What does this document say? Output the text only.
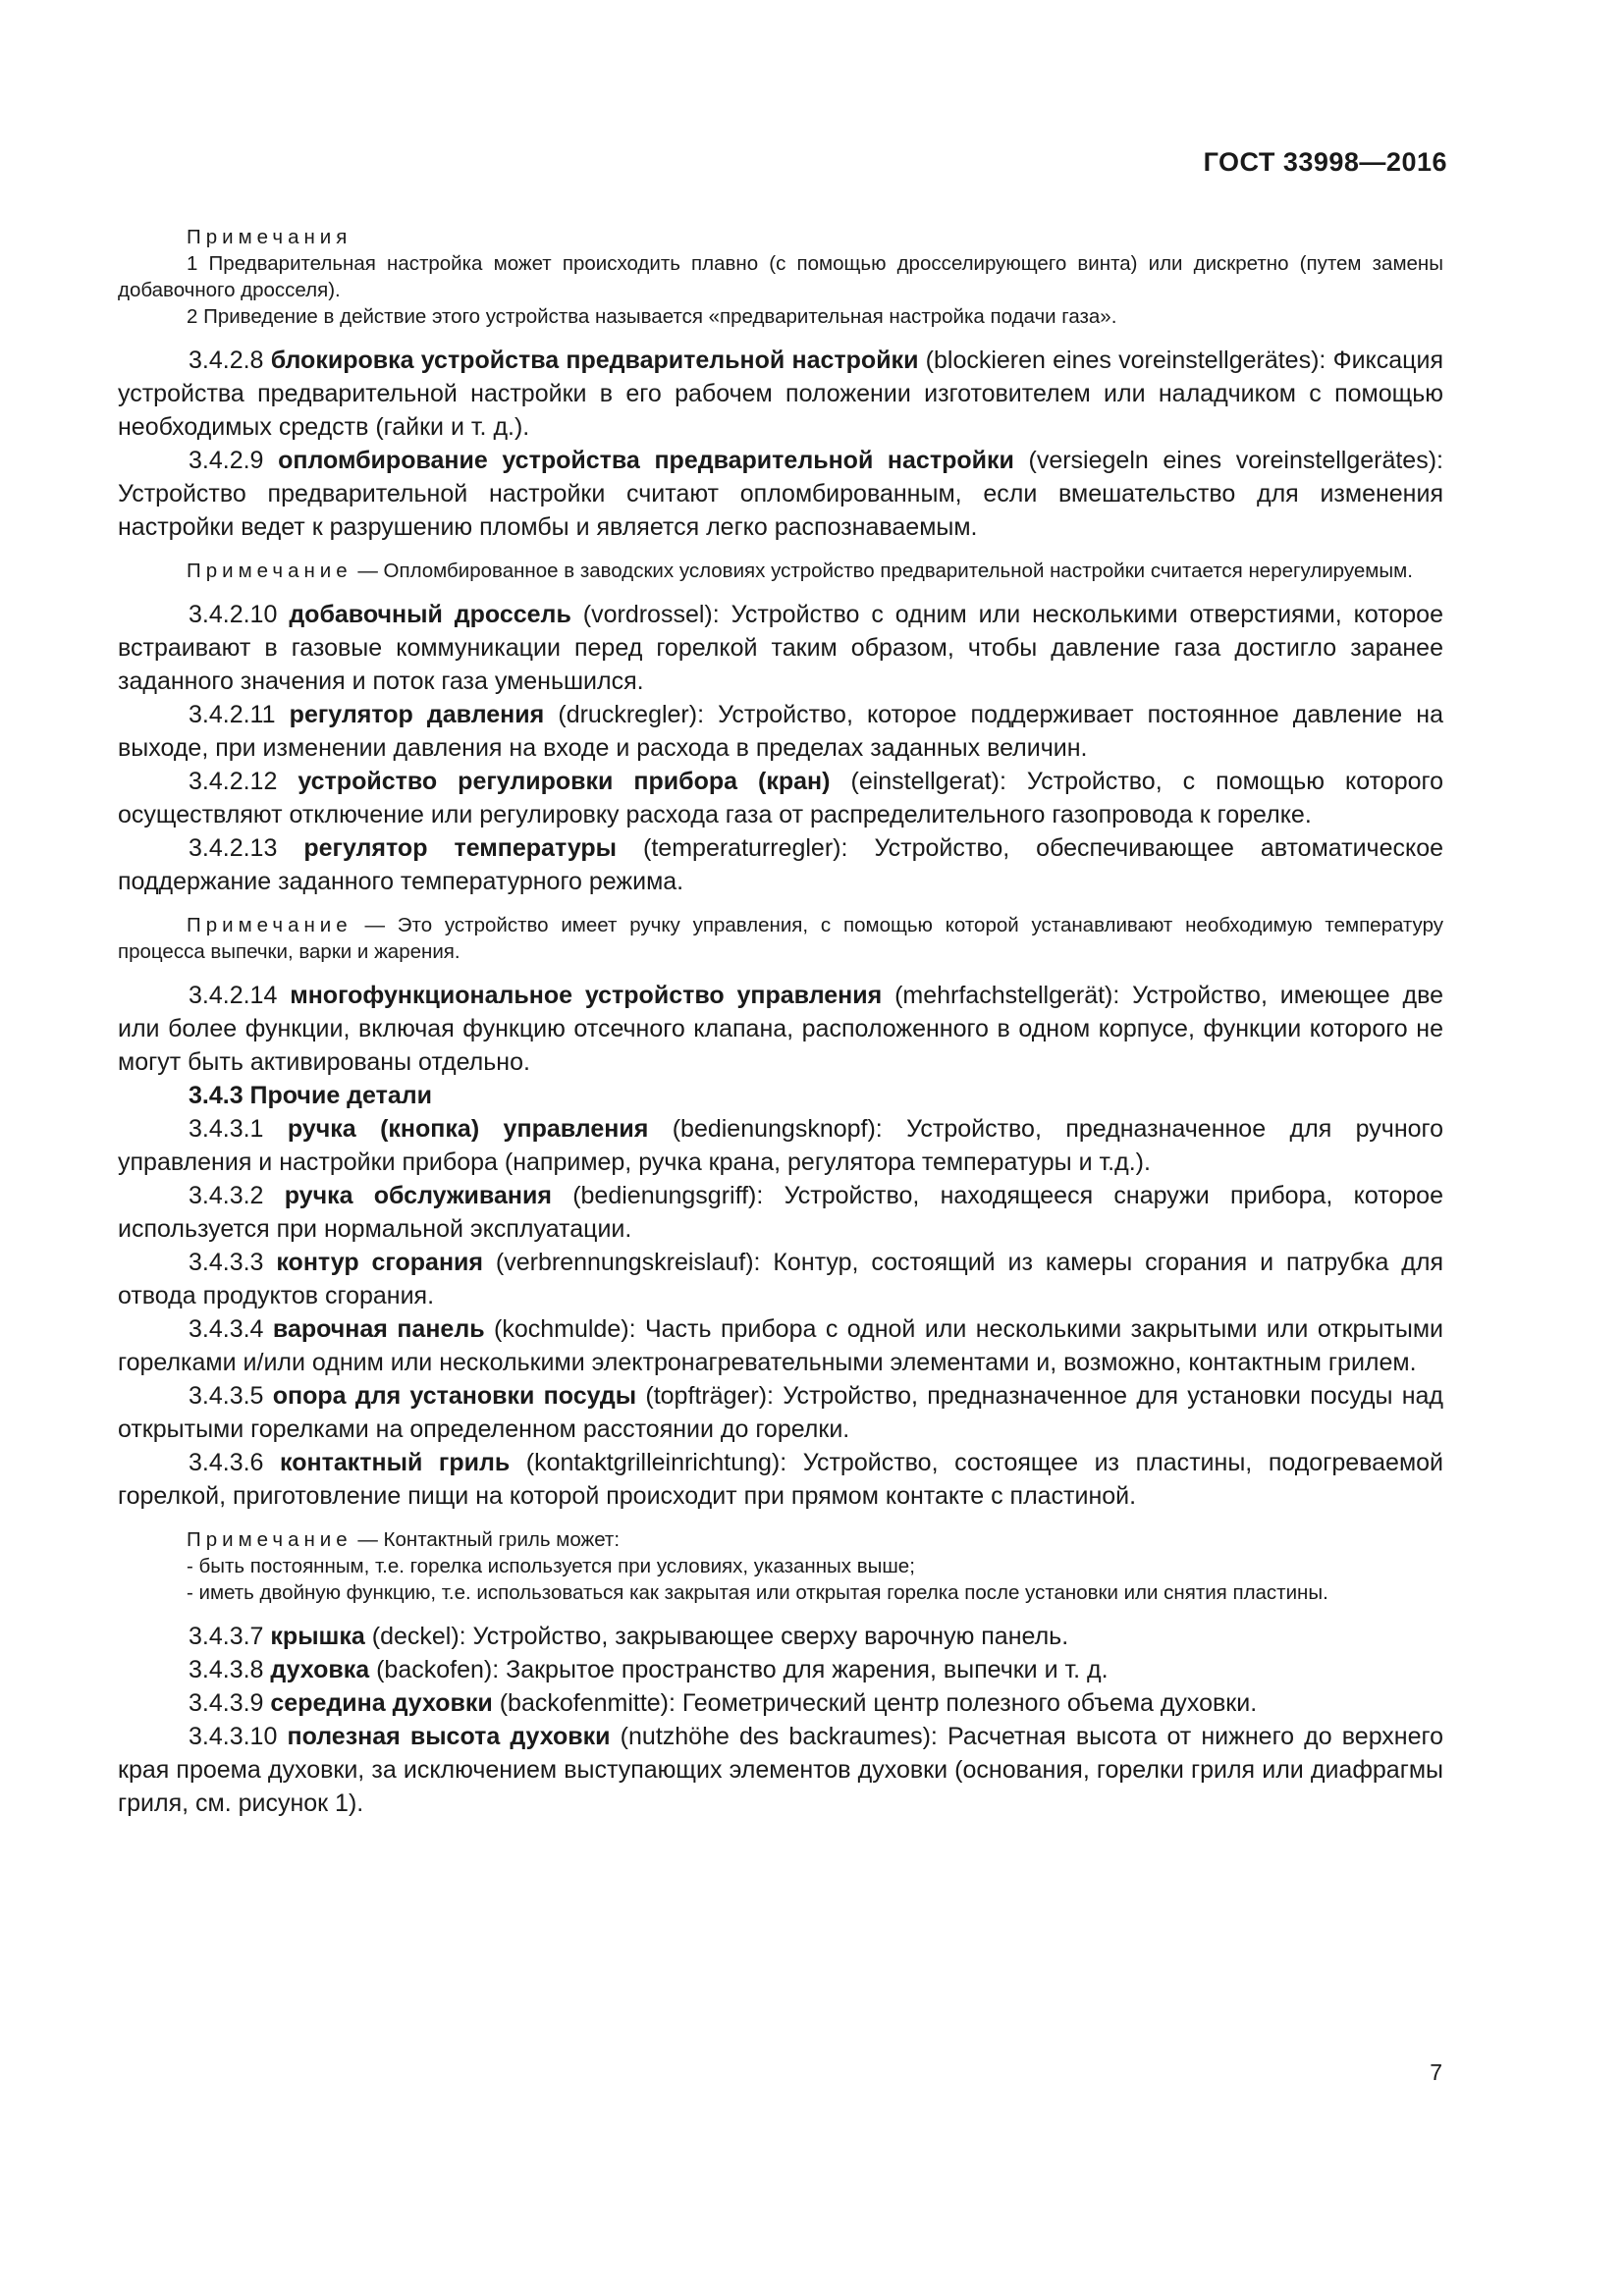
ГОСТ 33998—2016

Примечания

1 Предварительная настройка может происходить плавно (с помощью дросселирующего винта) или дискретно (путем замены добавочного дросселя).

2 Приведение в действие этого устройства называется «предварительная настройка подачи газа».

3.4.2.8 блокировка устройства предварительной настройки (blockieren eines voreinstellgerätes): Фиксация устройства предварительной настройки в его рабочем положении изготовителем или наладчиком с помощью необходимых средств (гайки и т. д.).

3.4.2.9 опломбирование устройства предварительной настройки (versiegeln eines voreinstellgerätes): Устройство предварительной настройки считают опломбированным, если вмешательство для изменения настройки ведет к разрушению пломбы и является легко распознаваемым.

Примечание — Опломбированное в заводских условиях устройство предварительной настройки считается нерегулируемым.

3.4.2.10 добавочный дроссель (vordrossel): Устройство с одним или несколькими отверстиями, которое встраивают в газовые коммуникации перед горелкой таким образом, чтобы давление газа достигло заранее заданного значения и поток газа уменьшился.

3.4.2.11 регулятор давления (druckregler): Устройство, которое поддерживает постоянное давление на выходе, при изменении давления на входе и расхода в пределах заданных величин.

3.4.2.12 устройство регулировки прибора (кран) (einstellgerat): Устройство, с помощью которого осуществляют отключение или регулировку расхода газа от распределительного газопровода к горелке.

3.4.2.13 регулятор температуры (temperaturregler): Устройство, обеспечивающее автоматическое поддержание заданного температурного режима.

Примечание — Это устройство имеет ручку управления, с помощью которой устанавливают необходимую температуру процесса выпечки, варки и жарения.

3.4.2.14 многофункциональное устройство управления (mehrfachstellgerät): Устройство, имеющее две или более функции, включая функцию отсечного клапана, расположенного в одном корпусе, функции которого не могут быть активированы отдельно.

3.4.3 Прочие детали

3.4.3.1 ручка (кнопка) управления (bedienungsknopf): Устройство, предназначенное для ручного управления и настройки прибора (например, ручка крана, регулятора температуры и т.д.).

3.4.3.2 ручка обслуживания (bedienungsgriff): Устройство, находящееся снаружи прибора, которое используется при нормальной эксплуатации.

3.4.3.3 контур сгорания (verbrennungskreislauf): Контур, состоящий из камеры сгорания и патрубка для отвода продуктов сгорания.

3.4.3.4 варочная панель (kochmulde): Часть прибора с одной или несколькими закрытыми или открытыми горелками и/или одним или несколькими электронагревательными элементами и, возможно, контактным грилем.

3.4.3.5 опора для установки посуды (topfträger): Устройство, предназначенное для установки посуды над открытыми горелками на определенном расстоянии до горелки.

3.4.3.6 контактный гриль (kontaktgrilleinrichtung): Устройство, состоящее из пластины, подогреваемой горелкой, приготовление пищи на которой происходит при прямом контакте с пластиной.

Примечание — Контактный гриль может:

- быть постоянным, т.е. горелка используется при условиях, указанных выше;

- иметь двойную функцию, т.е. использоваться как закрытая или открытая горелка после установки или снятия пластины.

3.4.3.7 крышка (deckel): Устройство, закрывающее сверху варочную панель.

3.4.3.8 духовка (backofen): Закрытое пространство для жарения, выпечки и т. д.

3.4.3.9 середина духовки (backofenmitte): Геометрический центр полезного объема духовки.

3.4.3.10 полезная высота духовки (nutzhöhe des backraumes): Расчетная высота от нижнего до верхнего края проема духовки, за исключением выступающих элементов духовки (основания, горелки гриля или диафрагмы гриля, см. рисунок 1).

7
